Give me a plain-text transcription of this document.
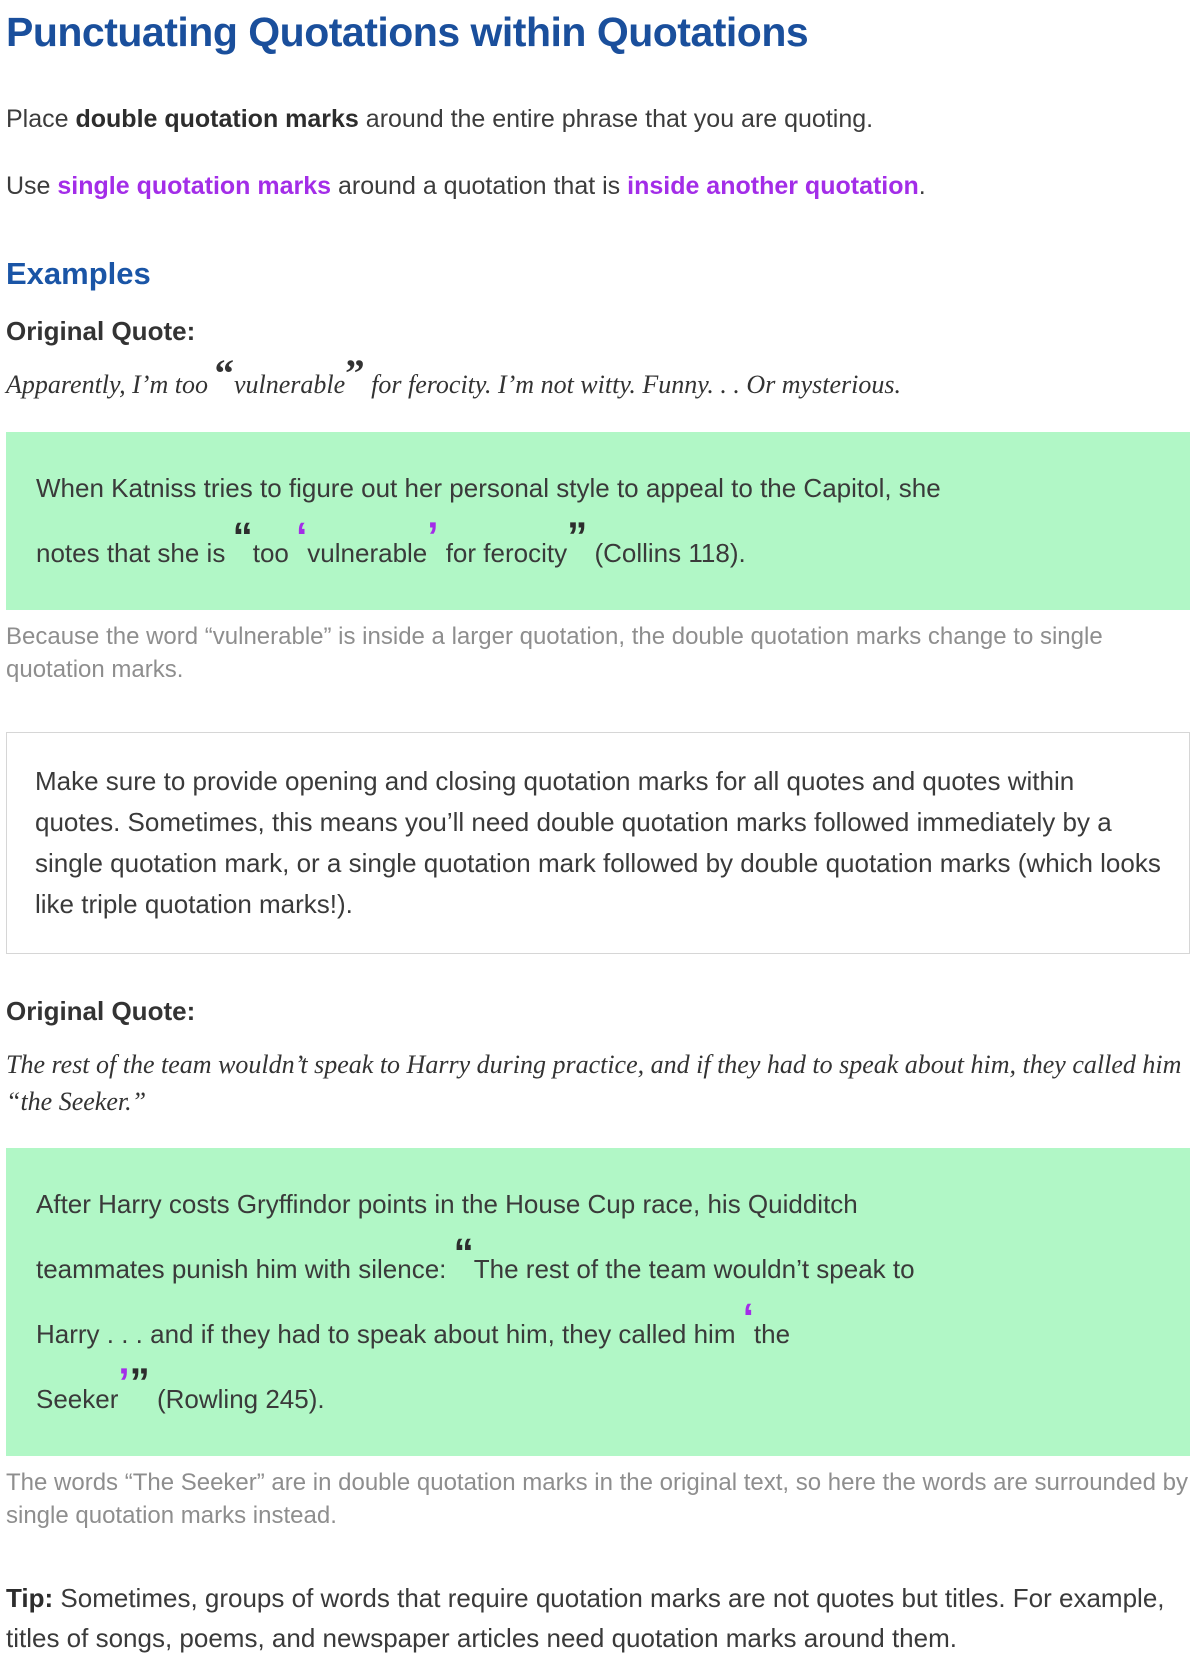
Punctuating Quotations within Quotations

Place double quotation marks around the entire phrase that you are quoting.

Use single quotation marks around a quotation that is inside another quotation.

Examples

Original Quote:

Apparently, I’m too “vulnerable” for ferocity. I’m not witty. Funny. . . Or mysterious.

When Katniss tries to figure out her personal style to appeal to the Capitol, she
notes that she is “too ‘vulnerable’ for ferocity” (Collins 118).

Because the word “vulnerable” is inside a larger quotation, the double quotation marks change to single quotation marks.

Make sure to provide opening and closing quotation marks for all quotes and quotes within quotes. Sometimes, this means you’ll need double quotation marks followed immediately by a single quotation mark, or a single quotation mark followed by double quotation marks (which looks like triple quotation marks!).

Original Quote:

The rest of the team wouldn’t speak to Harry during practice, and if they had to speak about him, they called him “the Seeker.”

After Harry costs Gryffindor points in the House Cup race, his Quidditch
teammates punish him with silence: “The rest of the team wouldn’t speak to
Harry . . . and if they had to speak about him, they called him ‘the
Seeker’” (Rowling 245).

The words “The Seeker” are in double quotation marks in the original text, so here the words are surrounded by single quotation marks instead.

Tip: Sometimes, groups of words that require quotation marks are not quotes but titles. For example, titles of songs, poems, and newspaper articles need quotation marks around them.
